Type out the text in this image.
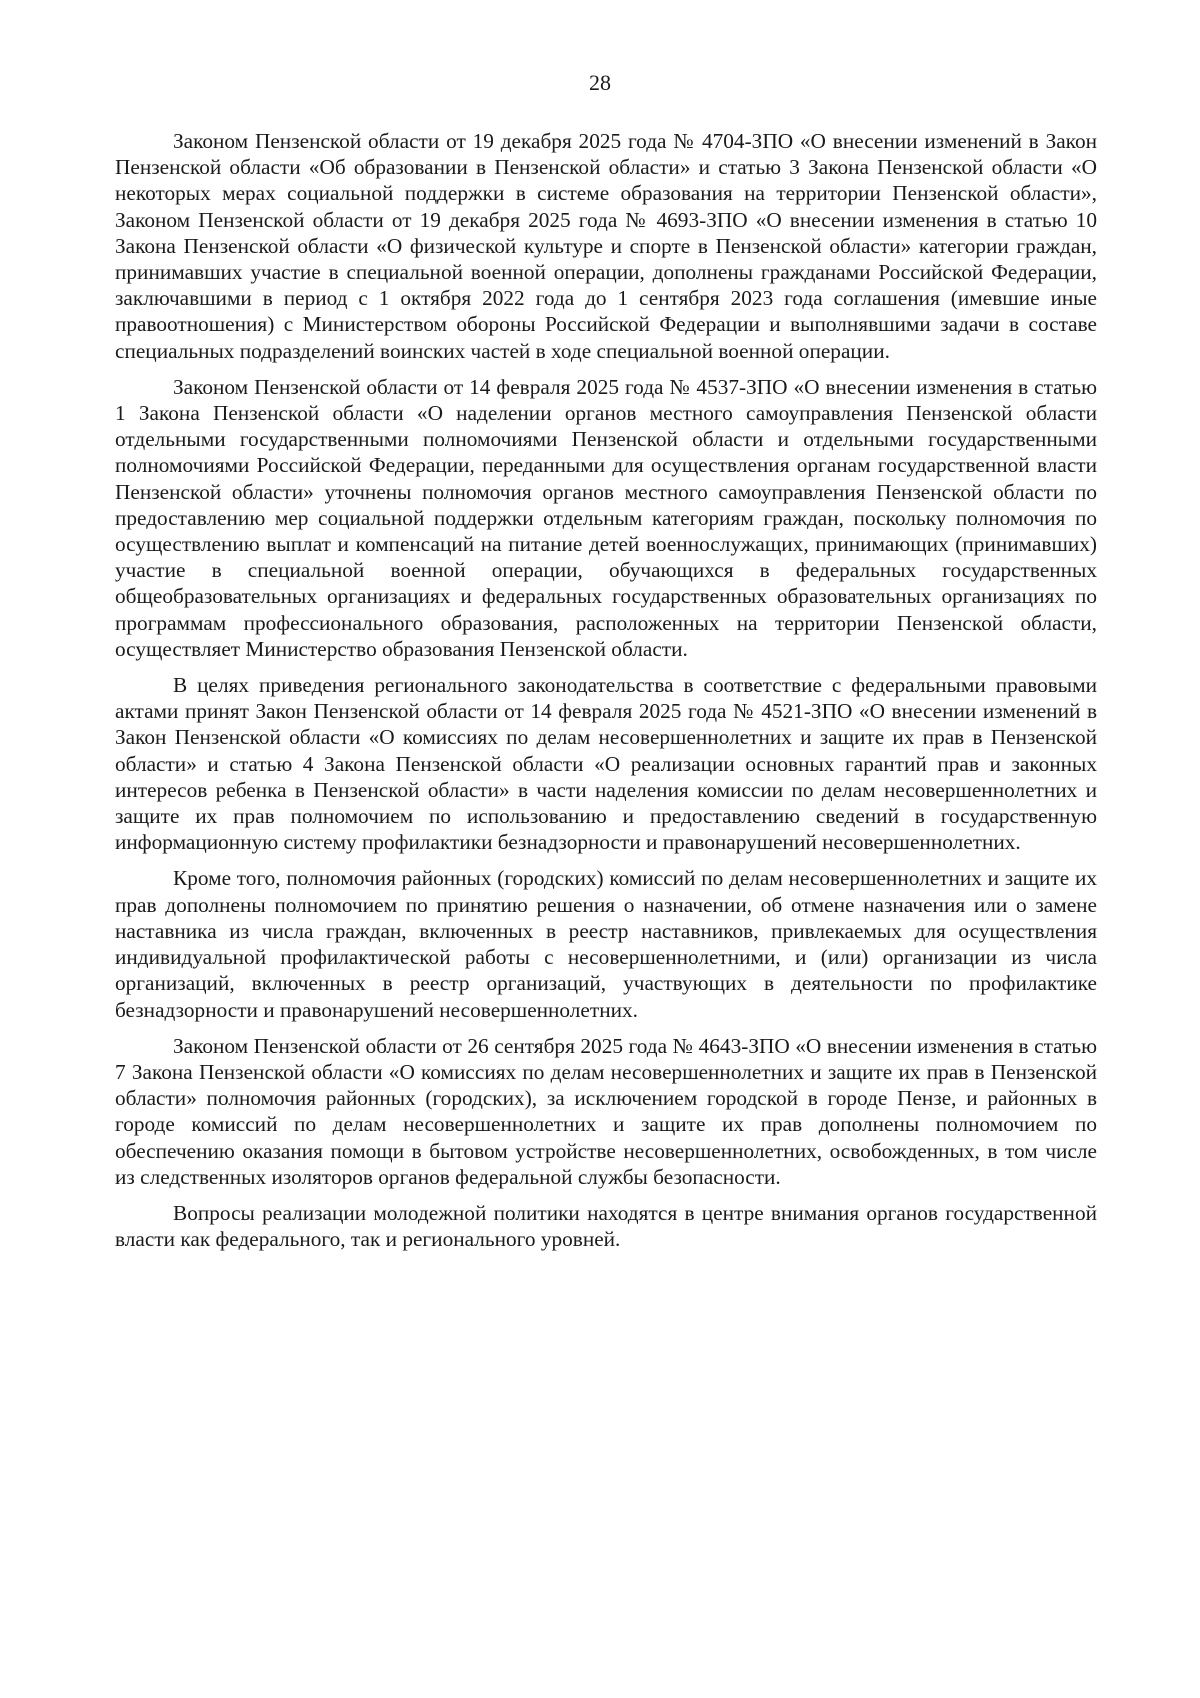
28

Законом Пензенской области от 19 декабря 2025 года № 4704-ЗПО «О внесении изменений в Закон Пензенской области «Об образовании в Пензенской области» и статью 3 Закона Пензенской области «О некоторых мерах социальной поддержки в системе образования на территории Пензенской области», Законом Пензенской области от 19 декабря 2025 года № 4693-ЗПО «О внесении изменения в статью 10 Закона Пензенской области «О физической культуре и спорте в Пензенской области» категории граждан, принимавших участие в специальной военной операции, дополнены гражданами Российской Федерации, заключавшими в период с 1 октября 2022 года до 1 сентября 2023 года соглашения (имевшие иные правоотношения) с Министерством обороны Российской Федерации и выполнявшими задачи в составе специальных подразделений воинских частей в ходе специальной военной операции.

Законом Пензенской области от 14 февраля 2025 года № 4537-ЗПО «О внесении изменения в статью 1 Закона Пензенской области «О наделении органов местного самоуправления Пензенской области отдельными государственными полномочиями Пензенской области и отдельными государственными полномочиями Российской Федерации, переданными для осуществления органам государственной власти Пензенской области» уточнены полномочия органов местного самоуправления Пензенской области по предоставлению мер социальной поддержки отдельным категориям граждан, поскольку полномочия по осуществлению выплат и компенсаций на питание детей военнослужащих, принимающих (принимавших) участие в специальной военной операции, обучающихся в федеральных государственных общеобразовательных организациях и федеральных государственных образовательных организациях по программам профессионального образования, расположенных на территории Пензенской области, осуществляет Министерство образования Пензенской области.

В целях приведения регионального законодательства в соответствие с федеральными правовыми актами принят Закон Пензенской области от 14 февраля 2025 года № 4521-ЗПО «О внесении изменений в Закон Пензенской области «О комиссиях по делам несовершеннолетних и защите их прав в Пензенской области» и статью 4 Закона Пензенской области «О реализации основных гарантий прав и законных интересов ребенка в Пензенской области» в части наделения комиссии по делам несовершеннолетних и защите их прав полномочием по использованию и предоставлению сведений в государственную информационную систему профилактики безнадзорности и правонарушений несовершеннолетних.

Кроме того, полномочия районных (городских) комиссий по делам несовершеннолетних и защите их прав дополнены полномочием по принятию решения о назначении, об отмене назначения или о замене наставника из числа граждан, включенных в реестр наставников, привлекаемых для осуществления индивидуальной профилактической работы с несовершеннолетними, и (или) организации из числа организаций, включенных в реестр организаций, участвующих в деятельности по профилактике безнадзорности и правонарушений несовершеннолетних.

Законом Пензенской области от 26 сентября 2025 года № 4643-ЗПО «О внесении изменения в статью 7 Закона Пензенской области «О комиссиях по делам несовершеннолетних и защите их прав в Пензенской области» полномочия районных (городских), за исключением городской в городе Пензе, и районных в городе комиссий по делам несовершеннолетних и защите их прав дополнены полномочием по обеспечению оказания помощи в бытовом устройстве несовершеннолетних, освобожденных, в том числе из следственных изоляторов органов федеральной службы безопасности.

Вопросы реализации молодежной политики находятся в центре внимания органов государственной власти как федерального, так и регионального уровней.
